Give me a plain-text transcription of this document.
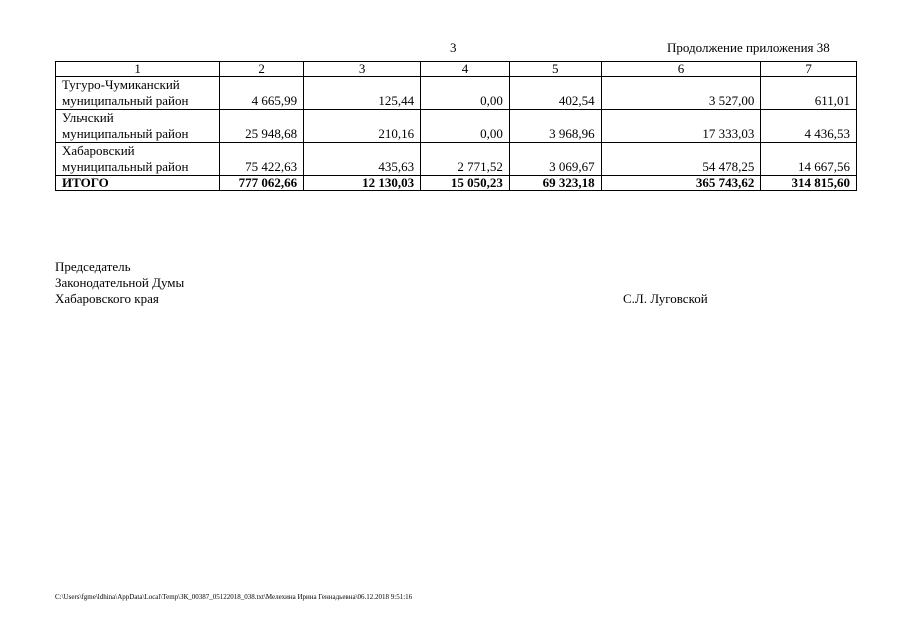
3	Продолжение приложения 38
1	2	3	4	5	6	7
Тугуро-Чумиканский
муниципальный район	4 665,99	125,44	0,00	402,54	3 527,00	611,01
Ульчский
муниципальный район	25 948,68	210,16	0,00	3 968,96	17 333,03	4 436,53
Хабаровский
муниципальный район	75 422,63	435,63	2 771,52	3 069,67	54 478,25	14 667,56
ИТОГО	777 062,66	12 130,03	15 050,23	69 323,18	365 743,62	314 815,60
Председатель
Законодательной Думы
Хабаровского края	С.Л. Луговской
C:\Users\fgme\ldhina\AppData\Local\Temp\ЗК_00387_05122018_038.txt\Мелехина Ирина Геннадьевна\06.12.2018 9:51:16
